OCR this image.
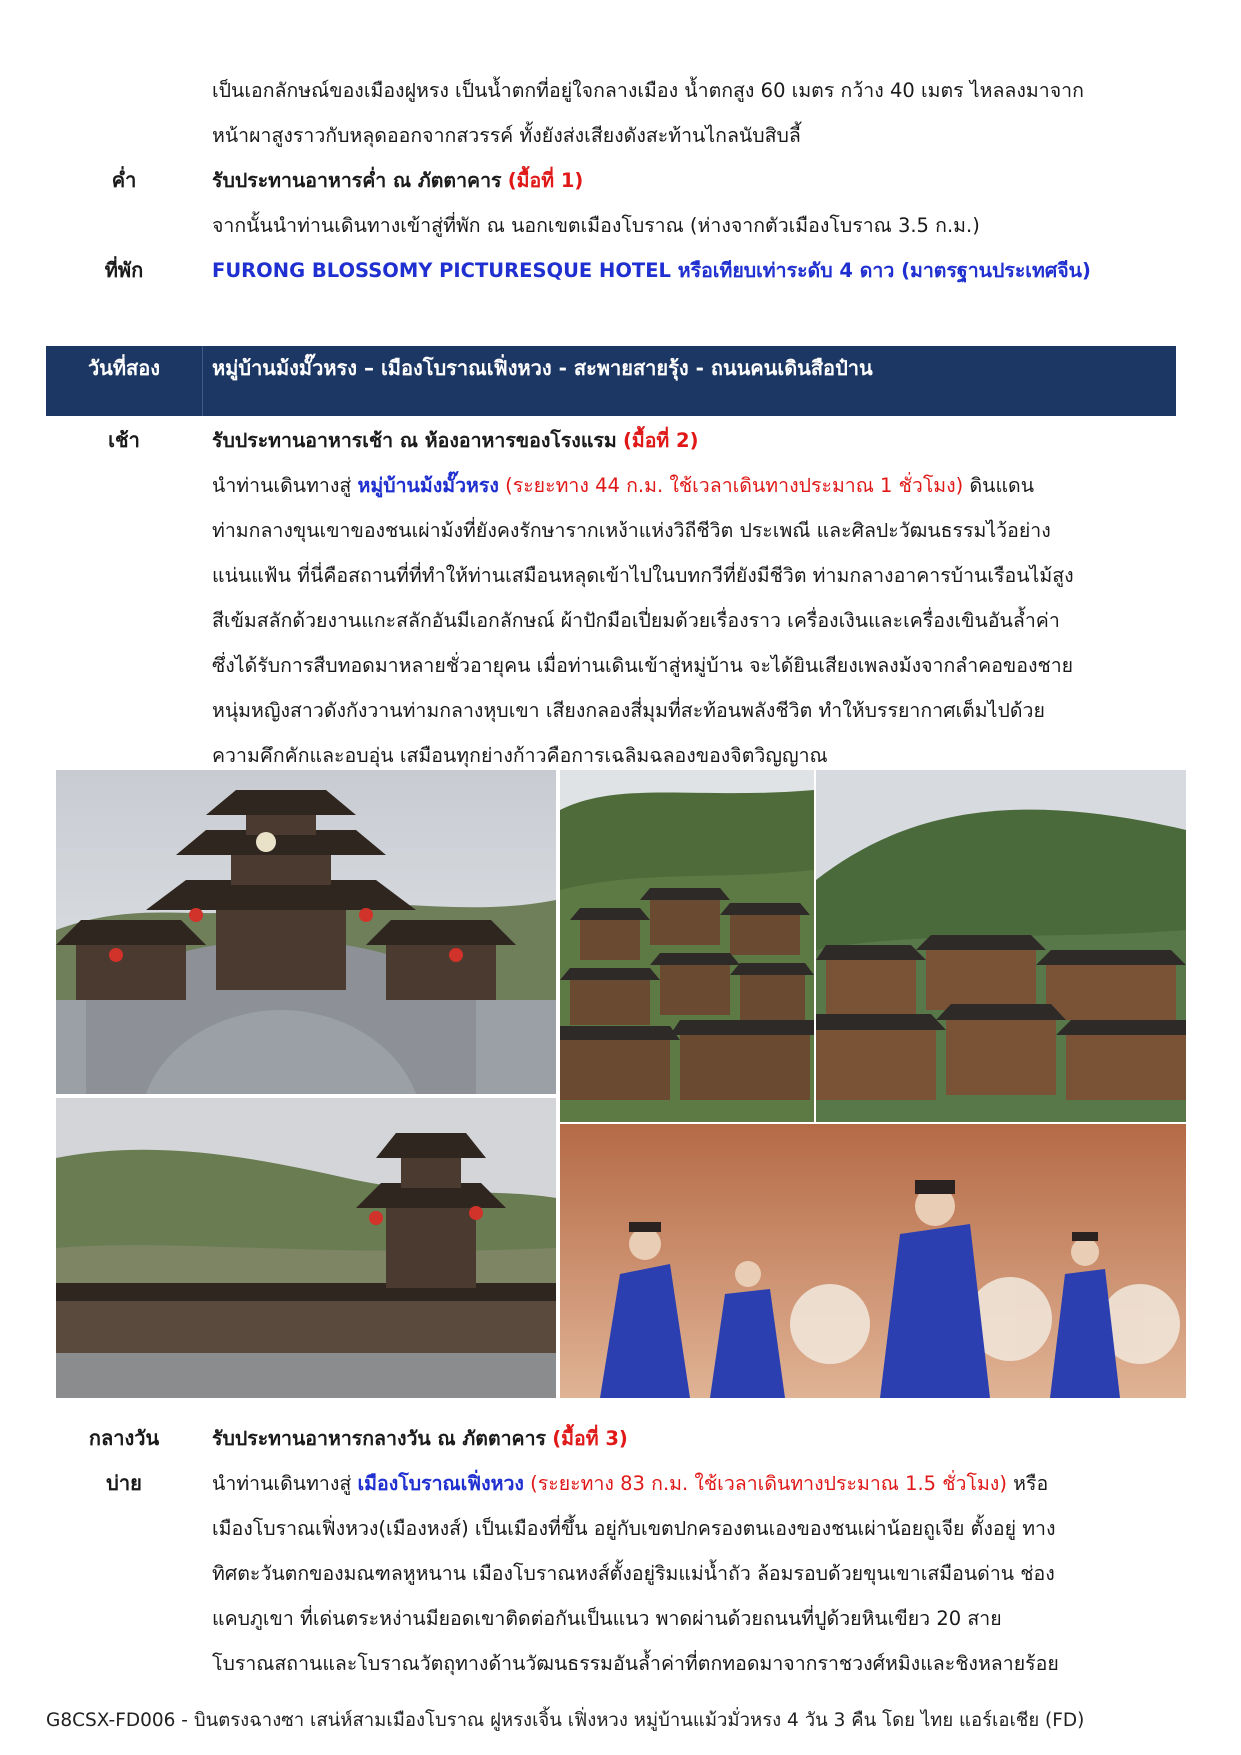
เป็นเอกลักษณ์ของเมืองฝูหรง เป็นน้ำตกที่อยู่ใจกลางเมือง น้ำตกสูง 60 เมตร กว้าง 40 เมตร ไหลลงมาจาก
หน้าผาสูงราวกับหลุดออกจากสวรรค์ ทั้งยังส่งเสียงดังสะท้านไกลนับสิบลี้
ค่ำ	รับประทานอาหารค่ำ ณ ภัตตาคาร (มื้อที่ 1)
จากนั้นนำท่านเดินทางเข้าสู่ที่พัก ณ นอกเขตเมืองโบราณ (ห่างจากตัวเมืองโบราณ 3.5 ก.ม.)
ที่พัก	FURONG BLOSSOMY PICTURESQUE HOTEL หรือเทียบเท่าระดับ 4 ดาว (มาตรฐานประเทศจีน)
วันที่สอง	หมู่บ้านม้งมั๊วหรง – เมืองโบราณเฟิ่งหวง - สะพายสายรุ้ง - ถนนคนเดินสือป๋าน
เช้า	รับประทานอาหารเช้า ณ ห้องอาหารของโรงแรม (มื้อที่ 2)
นำท่านเดินทางสู่ หมู่บ้านม้งมั๊วหรง (ระยะทาง 44 ก.ม. ใช้เวลาเดินทางประมาณ 1 ชั่วโมง) ดินแดน
ท่ามกลางขุนเขาของชนเผ่าม้งที่ยังคงรักษารากเหง้าแห่งวิถีชีวิต ประเพณี และศิลปะวัฒนธรรมไว้อย่าง
แน่นแฟ้น ที่นี่คือสถานที่ที่ทำให้ท่านเสมือนหลุดเข้าไปในบทกวีที่ยังมีชีวิต ท่ามกลางอาคารบ้านเรือนไม้สูง
สีเข้มสลักด้วยงานแกะสลักอันมีเอกลักษณ์ ผ้าปักมือเปี่ยมด้วยเรื่องราว เครื่องเงินและเครื่องเขินอันล้ำค่า
ซึ่งได้รับการสืบทอดมาหลายชั่วอายุคน เมื่อท่านเดินเข้าสู่หมู่บ้าน จะได้ยินเสียงเพลงม้งจากลำคอของชาย
หนุ่มหญิงสาวดังกังวานท่ามกลางหุบเขา เสียงกลองสี่มุมที่สะท้อนพลังชีวิต ทำให้บรรยากาศเต็มไปด้วย
ความคึกคักและอบอุ่น เสมือนทุกย่างก้าวคือการเฉลิมฉลองของจิตวิญญาณ
กลางวัน	รับประทานอาหารกลางวัน ณ ภัตตาคาร (มื้อที่ 3)
บ่าย	นำท่านเดินทางสู่ เมืองโบราณเฟิ่งหวง (ระยะทาง 83 ก.ม. ใช้เวลาเดินทางประมาณ 1.5 ชั่วโมง) หรือ
เมืองโบราณเฟิ่งหวง(เมืองหงส์) เป็นเมืองที่ขึ้น อยู่กับเขตปกครองตนเองของชนเผ่าน้อยถูเจีย ตั้งอยู่ ทาง
ทิศตะวันตกของมณฑลหูหนาน เมืองโบราณหงส์ตั้งอยู่ริมแม่น้ำถัว ล้อมรอบด้วยขุนเขาเสมือนด่าน ช่อง
แคบภูเขา ที่เด่นตระหง่านมียอดเขาติดต่อกันเป็นแนว พาดผ่านด้วยถนนที่ปูด้วยหินเขียว 20 สาย
โบราณสถานและโบราณวัตถุทางด้านวัฒนธรรมอันล้ำค่าที่ตกทอดมาจากราชวงศ์หมิงและชิงหลายร้อย
G8CSX-FD006 - บินตรงฉางซา เสน่ห์สามเมืองโบราณ ฝูหรงเจิ้น เฟิ่งหวง หมู่บ้านแม้วมั่วหรง 4 วัน 3 คืน โดย ไทย แอร์เอเชีย (FD)
